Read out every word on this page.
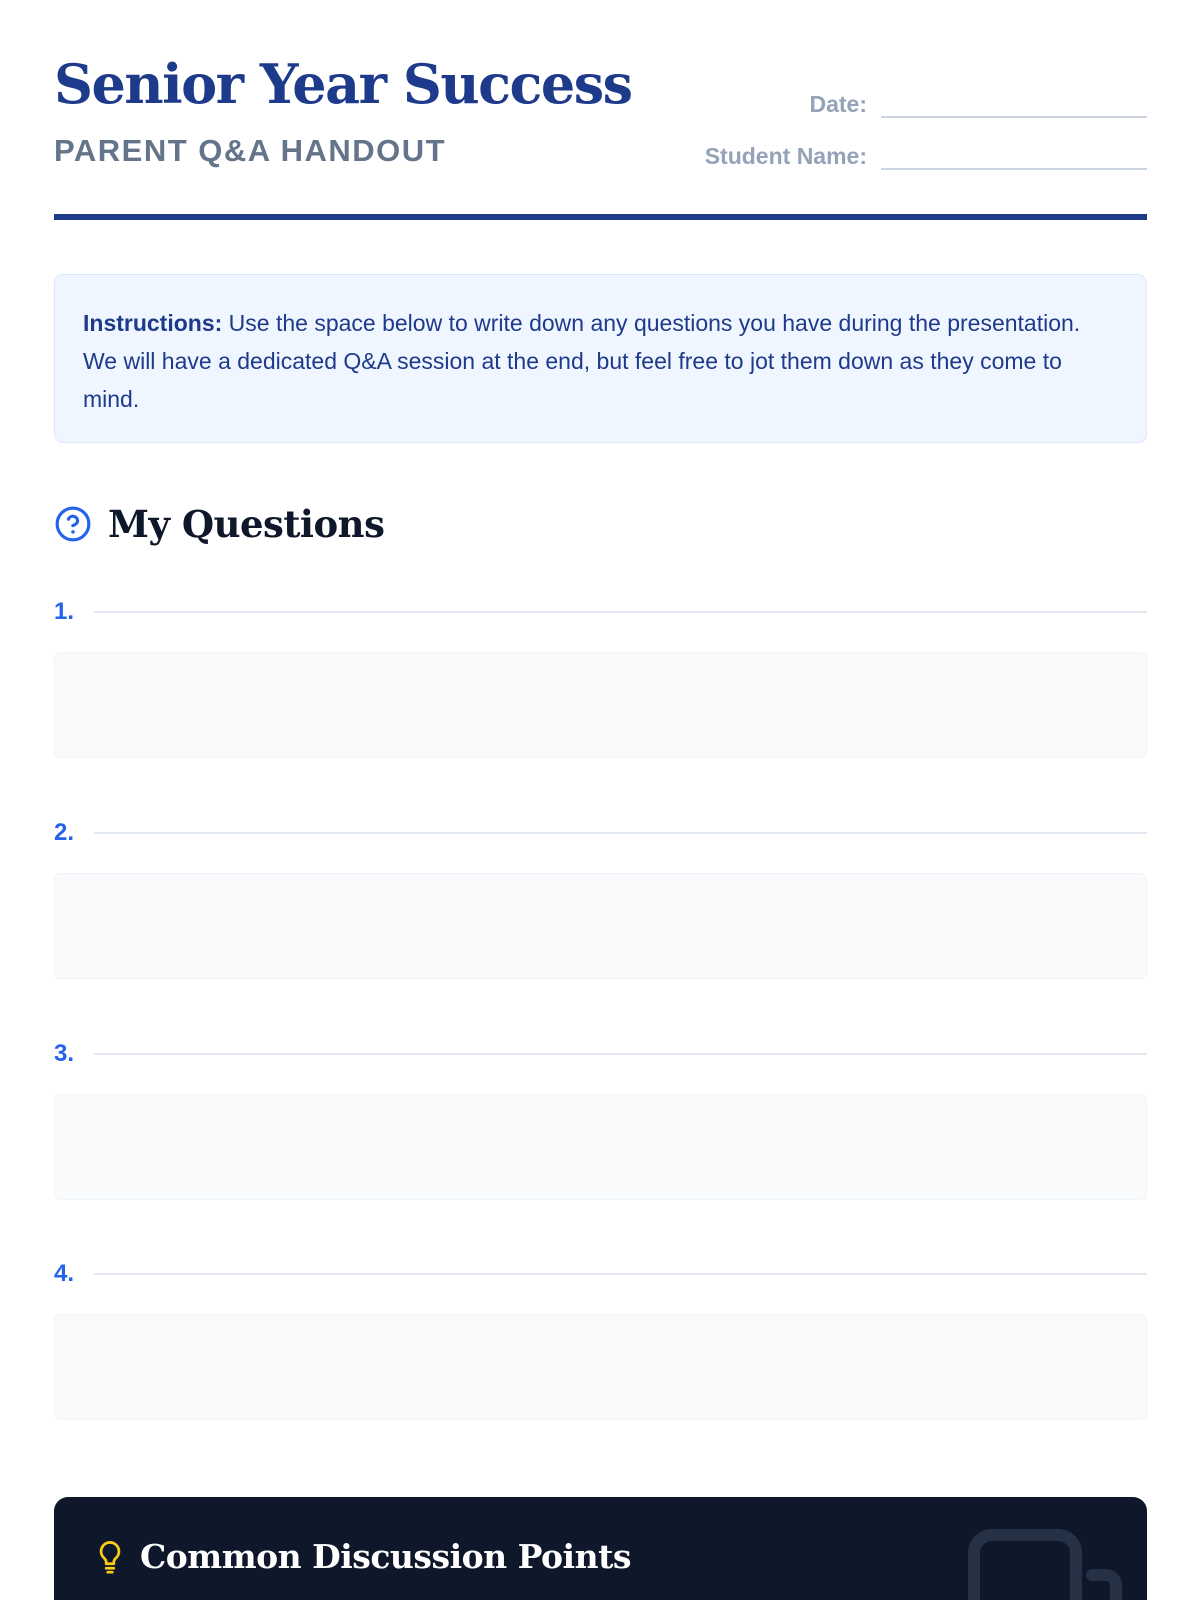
Senior Year Success
PARENT Q&A HANDOUT
Date:
Student Name:
Instructions: Use the space below to write down any questions you have during the presentation. We will have a dedicated Q&A session at the end, but feel free to jot them down as they come to mind.
My Questions
1.
2.
3.
4.
Common Discussion Points
